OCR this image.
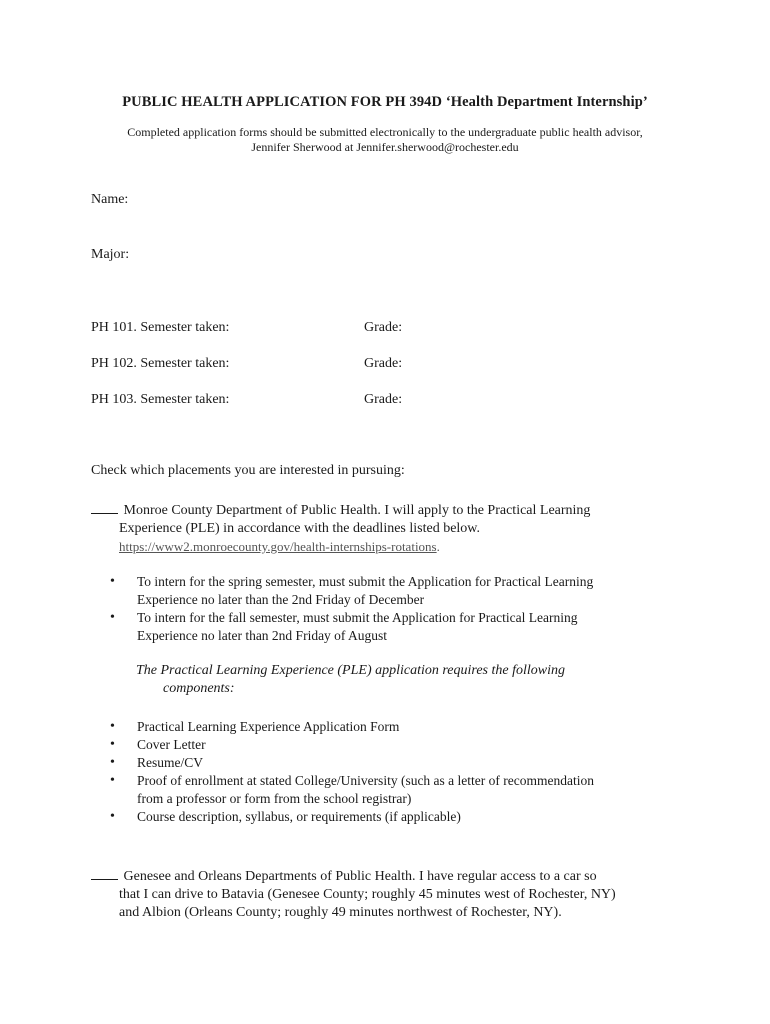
PUBLIC HEALTH APPLICATION FOR PH 394D ‘Health Department Internship’
Completed application forms should be submitted electronically to the undergraduate public health advisor,
Jennifer Sherwood at Jennifer.sherwood@rochester.edu
Name:
Major:
PH 101. Semester taken:	Grade:
PH 102. Semester taken:	Grade:
PH 103. Semester taken:	Grade:
Check which placements you are interested in pursuing:
Monroe County Department of Public Health. I will apply to the Practical Learning
Experience (PLE) in accordance with the deadlines listed below.
https://www2.monroecounty.gov/health-internships-rotations.
• To intern for the spring semester, must submit the Application for Practical Learning
Experience no later than the 2nd Friday of December
• To intern for the fall semester, must submit the Application for Practical Learning
Experience no later than 2nd Friday of August
The Practical Learning Experience (PLE) application requires the following
components:
• Practical Learning Experience Application Form
• Cover Letter
• Resume/CV
• Proof of enrollment at stated College/University (such as a letter of recommendation
from a professor or form from the school registrar)
• Course description, syllabus, or requirements (if applicable)
Genesee and Orleans Departments of Public Health. I have regular access to a car so
that I can drive to Batavia (Genesee County; roughly 45 minutes west of Rochester, NY)
and Albion (Orleans County; roughly 49 minutes northwest of Rochester, NY).
